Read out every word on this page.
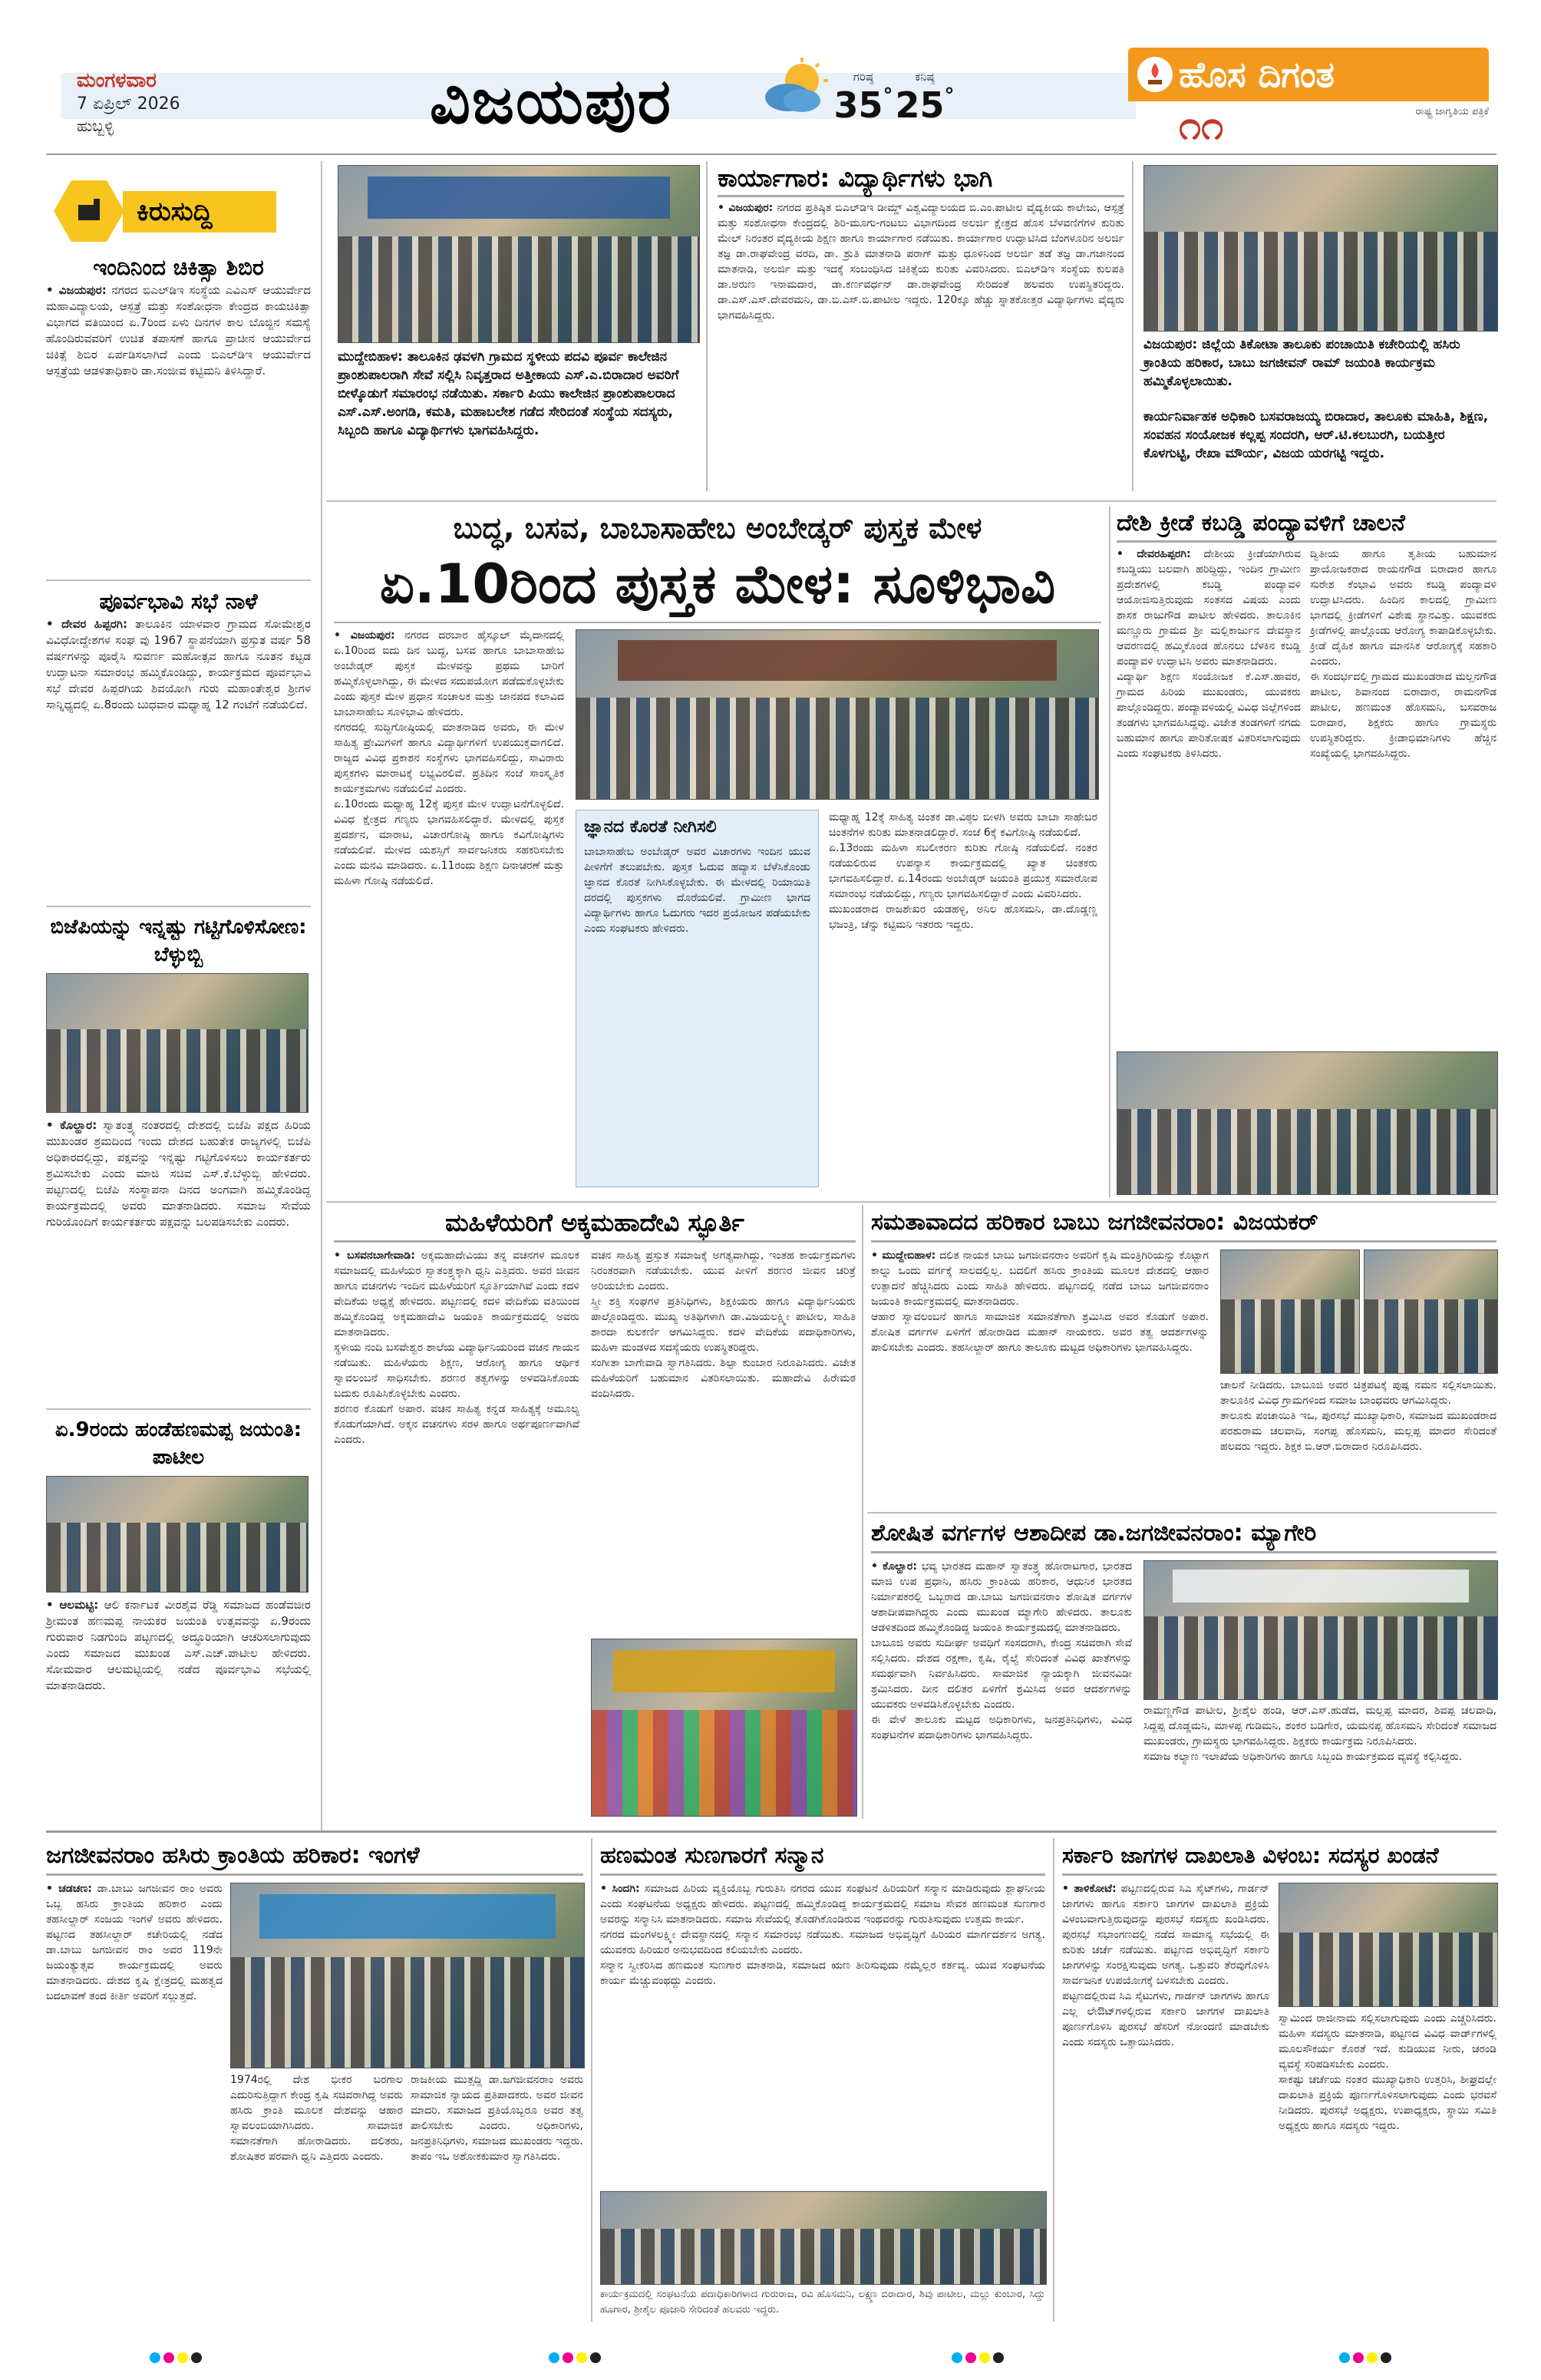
ಮಂಗಳವಾರ
7 ಏಪ್ರಿಲ್ 2026
ಹುಬ್ಬಳ್ಳಿ	ವಿಜಯಪುರ	ಗರಿಷ್ಠ
35°
ಕನಿಷ್ಠ
25°
ಹೊಸ ದಿಗಂತ
೧೧	ರಾಷ್ಟ್ರ ಜಾಗೃತಿಯ ಪತ್ರಿಕೆ
ಕಿರುಸುದ್ದಿ
ಇಂದಿನಿಂದ ಚಿಕಿತ್ಸಾ ಶಿಬಿರ
• ವಿಜಯಪುರ: ನಗರದ ಬಿಎಲ್‌ಡಿಇ ಸಂಸ್ಥೆಯ ಎವಿಎಸ್ ಆಯುರ್ವೇದ ಮಹಾವಿದ್ಯಾಲಯ, ಆಸ್ಪತ್ರೆ ಮತ್ತು ಸಂಶೋಧನಾ ಕೇಂದ್ರದ ಕಾಯಚಿಕಿತ್ಸಾ ವಿಭಾಗದ ವತಿಯಿಂದ ಏ.7ರಿಂದ ಏಳು ದಿನಗಳ ಕಾಲ ಬೊಜ್ಜಿನ ಸಮಸ್ಯೆ ಹೊಂದಿರುವವರಿಗೆ ಉಚಿತ ತಪಾಸಣೆ ಹಾಗೂ ಪ್ರಾಚೀನ ಆಯುರ್ವೇದ ಚಿಕಿತ್ಸೆ ಶಿಬಿರ ಏರ್ಪಡಿಸಲಾಗಿದೆ ಎಂದು ಬಿಎಲ್‌ಡಿಇ ಆಯುರ್ವೇದ ಆಸ್ಪತ್ರೆಯ ಆಡಳಿತಾಧಿಕಾರಿ ಡಾ.ಸಂಜೀವ ಕಟ್ಟಿಮನಿ ತಿಳಿಸಿದ್ದಾರೆ.
ಪೂರ್ವಭಾವಿ ಸಭೆ ನಾಳೆ
• ದೇವರ ಹಿಪ್ಪರಗಿ: ತಾಲೂಕಿನ ಯಾಳವಾರ ಗ್ರಾಮದ ಸೋಮೇಶ್ವರ ವಿವಿಧೋದ್ದೇಶಗಳ ಸಂಘ ವು 1967 ಸ್ಥಾಪನೆಯಾಗಿ ಪ್ರಸ್ತುತ ವರ್ಷ 58 ವರ್ಷಗಳನ್ನು ಪೂರೈಸಿ ಸುವರ್ಣ ಮಹೋತ್ಸವ ಹಾಗೂ ನೂತನ ಕಟ್ಟಡ ಉದ್ಘಾಟನಾ ಸಮಾರಂಭ ಹಮ್ಮಿಕೊಂಡಿದ್ದು, ಕಾರ್ಯಕ್ರಮದ ಪೂರ್ವಭಾವಿ ಸಭೆ ದೇವರ ಹಿಪ್ಪರಗಿಯ ಶಿವಯೋಗಿ ಗುರು ಮಹಾಂತೇಶ್ವರ ಶ್ರೀಗಳ ಸಾನ್ನಿಧ್ಯದಲ್ಲಿ ಏ.8ರಂದು ಬುಧವಾರ ಮಧ್ಯಾಹ್ನ 12 ಗಂಟೆಗೆ ನಡೆಯಲಿದೆ.
ಬಿಜೆಪಿಯನ್ನು ಇನ್ನಷ್ಟು ಗಟ್ಟಿಗೊಳಿಸೋಣ: ಬೆಳ್ಳುಬ್ಬಿ
• ಕೊಲ್ಹಾರ: ಸ್ವಾತಂತ್ರ್ಯ ನಂತರದಲ್ಲಿ ದೇಶದಲ್ಲಿ ಬಿಜೆಪಿ ಪಕ್ಷದ ಹಿರಿಯ ಮುಖಂಡರ ಶ್ರಮದಿಂದ ಇಂದು ದೇಶದ ಬಹುತೇಕ ರಾಜ್ಯಗಳಲ್ಲಿ ಬಿಜೆಪಿ ಅಧಿಕಾರದಲ್ಲಿದ್ದು, ಪಕ್ಷವನ್ನು ಇನ್ನಷ್ಟು ಗಟ್ಟಿಗೊಳಿಸಲು ಕಾರ್ಯಕರ್ತರು ಶ್ರಮಿಸಬೇಕು ಎಂದು ಮಾಜಿ ಸಚಿವ ಎಸ್.ಕೆ.ಬೆಳ್ಳುಬ್ಬಿ ಹೇಳಿದರು. ಪಟ್ಟಣದಲ್ಲಿ ಬಿಜೆಪಿ ಸಂಸ್ಥಾಪನಾ ದಿನದ ಅಂಗವಾಗಿ ಹಮ್ಮಿಕೊಂಡಿದ್ದ ಕಾರ್ಯಕ್ರಮದಲ್ಲಿ ಅವರು ಮಾತನಾಡಿದರು. ಸಮಾಜ ಸೇವೆಯ ಗುರಿಯೊಂದಿಗೆ ಕಾರ್ಯಕರ್ತರು ಪಕ್ಷವನ್ನು ಬಲಪಡಿಸಬೇಕು ಎಂದರು.
ಏ.9ರಂದು ಹಂಡೆಹಣಮಪ್ಪ ಜಯಂತಿ: ಪಾಟೀಲ
• ಆಲಮಟ್ಟಿ: ಆಲಿ ಕರ್ನಾಟಕ ವೀರಶೈವ ರೆಡ್ಡಿ ಸಮಾಜದ ಹಂಡೆವಜೀರ ಶ್ರೀಮಂತ ಹಣಮಪ್ಪ ನಾಯಕರ ಜಯಂತಿ ಉತ್ಸವವನ್ನು ಏ.9ರಂದು ಗುರುವಾರ ನಿಡಗುಂದಿ ಪಟ್ಟಣದಲ್ಲಿ ಅದ್ಧೂರಿಯಾಗಿ ಆಚರಿಸಲಾಗುವುದು ಎಂದು ಸಮಾಜದ ಮುಖಂಡ ಎಸ್.ಎಚ್.ಪಾಟೀಲ ಹೇಳಿದರು. ಸೋಮವಾರ ಆಲಮಟ್ಟಿಯಲ್ಲಿ ನಡೆದ ಪೂರ್ವಭಾವಿ ಸಭೆಯಲ್ಲಿ ಮಾತನಾಡಿದರು.
ಮುದ್ದೇಬಿಹಾಳ: ತಾಲೂಕಿನ ಢವಳಗಿ ಗ್ರಾಮದ ಸ್ಥಳೀಯ ಪದವಿ ಪೂರ್ವ ಕಾಲೇಜಿನ ಪ್ರಾಂಶುಪಾಲರಾಗಿ ಸೇವೆ ಸಲ್ಲಿಸಿ ನಿವೃತ್ತರಾದ ಅತ್ತೀಕಾಯ ಎಸ್.ಎ.ಬಿರಾದಾರ ಅವರಿಗೆ ಬೀಳ್ಕೊಡುಗೆ ಸಮಾರಂಭ ನಡೆಯಿತು. ಸರ್ಕಾರಿ ಪಿಯು ಕಾಲೇಜಿನ ಪ್ರಾಂಶುಪಾಲರಾದ ಎಸ್.ಎಸ್.ಅಂಗಡಿ, ಕಮತಿ, ಮಹಾಬಲೇಶ ಗಡೆದ ಸೇರಿದಂತೆ ಸಂಸ್ಥೆಯ ಸದಸ್ಯರು, ಸಿಬ್ಬಂದಿ ಹಾಗೂ ವಿದ್ಯಾರ್ಥಿಗಳು ಭಾಗವಹಿಸಿದ್ದರು.
ಕಾರ್ಯಾಗಾರ: ವಿದ್ಯಾರ್ಥಿಗಳು ಭಾಗಿ
• ವಿಜಯಪುರ: ನಗರದ ಪ್ರತಿಷ್ಠಿತ ಬಿಎಲ್‌ಡಿಇ ಡೀಮ್ಡ್ ವಿಶ್ವವಿದ್ಯಾಲಯದ ಬಿ.ಎಂ.ಪಾಟೀಲ ವೈದ್ಯಕೀಯ ಕಾಲೇಜು, ಆಸ್ಪತ್ರೆ ಮತ್ತು ಸಂಶೋಧನಾ ಕೇಂದ್ರದಲ್ಲಿ ಶಿರಿ-ಮೂಗು-ಗಂಟಲು ವಿಭಾಗದಿಂದ ಅಲರ್ಜಿ ಕ್ಷೇತ್ರದ ಹೊಸ ಬೆಳವಣಿಗೆಗಳ ಕುರಿತು ಮೇಲ್ ನಿರಂತರ ವೈದ್ಯಕೀಯ ಶಿಕ್ಷಣ ಹಾಗೂ ಕಾರ್ಯಾಗಾರ ನಡೆಯಿತು. ಕಾರ್ಯಾಗಾರ ಉದ್ಘಾಟಿಸಿದ ಬೆಂಗಳೂರಿನ ಅಲರ್ಜಿ ತಜ್ಞ ಡಾ.ರಾಘವೇಂದ್ರ ವರದಿ, ಡಾ. ಶ್ರುತಿ ಮಾತನಾಡಿ ಪರಾಗ್ ಮತ್ತು ಧೂಳಿನಿಂದ ಅಲರ್ಜಿ ತಡೆ ತಜ್ಞ ಡಾ.ಗಜಾನಂದ ಮಾತನಾಡಿ, ಅಲರ್ಜಿ ಮತ್ತು ಇದಕ್ಕೆ ಸಂಬಂಧಿಸಿದ ಚಿಕಿತ್ಸೆಯ ಕುರಿತು ವಿವರಿಸಿದರು. ಬಿಎಲ್‌ಡಿಇ ಸಂಸ್ಥೆಯ ಕುಲಪತಿ ಡಾ.ಅರುಣ ಇನಾಮದಾರ, ಡಾ.ಕರ್ಣವರ್ಧನ್ ಡಾ.ರಾಘವೇಂದ್ರ ಸೇರಿದಂತೆ ಹಲವರು ಉಪಸ್ಥಿತರಿದ್ದರು. ಡಾ.ಎಸ್.ಎಸ್.ದೇವರಮನಿ, ಡಾ.ಬಿ.ಎಸ್.ಬಿ.ಪಾಟೀಲ ಇದ್ದರು. 120ಕ್ಕೂ ಹೆಚ್ಚು ಸ್ನಾತಕೋತ್ತರ ವಿದ್ಯಾರ್ಥಿಗಳು ವೈದ್ಯರು ಭಾಗವಹಿಸಿದ್ದರು.
ವಿಜಯಪುರ: ಜಿಲ್ಲೆಯ ತಿಕೋಟಾ ತಾಲೂಕು ಪಂಚಾಯಿತಿ ಕಚೇರಿಯಲ್ಲಿ ಹಸಿರು ಕ್ರಾಂತಿಯ ಹರಿಕಾರ, ಬಾಬು ಜಗಜೀವನ್ ರಾಮ್ ಜಯಂತಿ ಕಾರ್ಯಕ್ರಮ ಹಮ್ಮಿಕೊಳ್ಳಲಾಯಿತು.
ಕಾರ್ಯನಿರ್ವಾಹಕ ಅಧಿಕಾರಿ ಬಸವರಾಜಯ್ಯ ಬಿರಾದಾರ, ತಾಲೂಕು ಮಾಹಿತಿ, ಶಿಕ್ಷಣ, ಸಂವಹನ ಸಂಯೋಜಕ ಕಲ್ಲಪ್ಪ ಸಂದರಗಿ, ಆರ್.ಟಿ.ಕಲಬುರಗಿ, ಬಯತ್ತೀರ ಕೊಳಗುಟ್ಟಿ, ರೇಖಾ ಮೌರ್ಯ, ವಿಜಯ ಯರಗಟ್ಟಿ ಇದ್ದರು.
ಬುದ್ಧ, ಬಸವ, ಬಾಬಾಸಾಹೇಬ ಅಂಬೇಡ್ಕರ್ ಪುಸ್ತಕ ಮೇಳ
ಏ.10ರಿಂದ ಪುಸ್ತಕ ಮೇಳ: ಸೂಳಿಭಾವಿ
• ವಿಜಯಪುರ: ನಗರದ ದರಬಾರ ಹೈಸ್ಕೂಲ್ ಮೈದಾನದಲ್ಲಿ ಏ.10ರಿಂದ ಐದು ದಿನ ಬುದ್ಧ, ಬಸವ ಹಾಗೂ ಬಾಬಾಸಾಹೇಬ ಅಂಬೇಡ್ಕರ್ ಪುಸ್ತಕ ಮೇಳವನ್ನು ಪ್ರಥಮ ಬಾರಿಗೆ ಹಮ್ಮಿಕೊಳ್ಳಲಾಗಿದ್ದು, ಈ ಮೇಳದ ಸದುಪಯೋಗ ಪಡೆದುಕೊಳ್ಳಬೇಕು ಎಂದು ಪುಸ್ತಕ ಮೇಳ ಪ್ರಧಾನ ಸಂಚಾಲಕ ಮತ್ತು ಜಾನಪದ ಕಲಾವಿದ ಬಾಬಾಸಾಹೇಬ ಸೂಳಿಭಾವಿ ಹೇಳಿದರು.
ನಗರದಲ್ಲಿ ಸುದ್ದಿಗೋಷ್ಠಿಯಲ್ಲಿ ಮಾತನಾಡಿದ ಅವರು, ಈ ಮೇಳ ಸಾಹಿತ್ಯ ಪ್ರೇಮಿಗಳಿಗೆ ಹಾಗೂ ವಿದ್ಯಾರ್ಥಿಗಳಿಗೆ ಉಪಯುಕ್ತವಾಗಲಿದೆ. ರಾಜ್ಯದ ವಿವಿಧ ಪ್ರಕಾಶನ ಸಂಸ್ಥೆಗಳು ಭಾಗವಹಿಸಲಿದ್ದು, ಸಾವಿರಾರು ಪುಸ್ತಕಗಳು ಮಾರಾಟಕ್ಕೆ ಲಭ್ಯವಿರಲಿವೆ. ಪ್ರತಿದಿನ ಸಂಜೆ ಸಾಂಸ್ಕೃತಿಕ ಕಾರ್ಯಕ್ರಮಗಳು ನಡೆಯಲಿವೆ ಎಂದರು.
ಏ.10ರಂದು ಮಧ್ಯಾಹ್ನ 12ಕ್ಕೆ ಪುಸ್ತಕ ಮೇಳ ಉದ್ಘಾಟನೆಗೊಳ್ಳಲಿದೆ. ವಿವಿಧ ಕ್ಷೇತ್ರದ ಗಣ್ಯರು ಭಾಗವಹಿಸಲಿದ್ದಾರೆ. ಮೇಳದಲ್ಲಿ ಪುಸ್ತಕ ಪ್ರದರ್ಶನ, ಮಾರಾಟ, ವಿಚಾರಗೋಷ್ಠಿ ಹಾಗೂ ಕವಿಗೋಷ್ಠಿಗಳು ನಡೆಯಲಿವೆ. ಮೇಳದ ಯಶಸ್ಸಿಗೆ ಸಾರ್ವಜನಿಕರು ಸಹಕರಿಸಬೇಕು ಎಂದು ಮನವಿ ಮಾಡಿದರು. ಏ.11ರಂದು ಶಿಕ್ಷಣ ದಿನಾಚರಣೆ ಮತ್ತು ಮಹಿಳಾ ಗೋಷ್ಠಿ ನಡೆಯಲಿದೆ.
ಜ್ಞಾನದ ಕೊರತೆ ನೀಗಿಸಲಿ
ಬಾಬಾಸಾಹೇಬ ಅಂಬೇಡ್ಕರ್ ಅವರ ವಿಚಾರಗಳು ಇಂದಿನ ಯುವ ಪೀಳಿಗೆಗೆ ತಲುಪಬೇಕು. ಪುಸ್ತಕ ಓದುವ ಹವ್ಯಾಸ ಬೆಳೆಸಿಕೊಂಡು ಜ್ಞಾನದ ಕೊರತೆ ನೀಗಿಸಿಕೊಳ್ಳಬೇಕು. ಈ ಮೇಳದಲ್ಲಿ ರಿಯಾಯಿತಿ ದರದಲ್ಲಿ ಪುಸ್ತಕಗಳು ದೊರೆಯಲಿವೆ. ಗ್ರಾಮೀಣ ಭಾಗದ ವಿದ್ಯಾರ್ಥಿಗಳು ಹಾಗೂ ಓದುಗರು ಇದರ ಪ್ರಯೋಜನ ಪಡೆಯಬೇಕು ಎಂದು ಸಂಘಟಕರು ಹೇಳಿದರು.
ಮಧ್ಯಾಹ್ನ 12ಕ್ಕೆ ಸಾಹಿತ್ಯ ಚಿಂತಕ ಡಾ.ವಿಠ್ಠಲ ಬೀಳಗಿ ಅವರು ಬಾಬಾ ಸಾಹೇಬರ ಚಿಂತನೆಗಳ ಕುರಿತು ಮಾತನಾಡಲಿದ್ದಾರೆ. ಸಂಜೆ 6ಕ್ಕೆ ಕವಿಗೋಷ್ಠಿ ನಡೆಯಲಿದೆ.
ಏ.13ರಂದು ಮಹಿಳಾ ಸಬಲೀಕರಣ ಕುರಿತು ಗೋಷ್ಠಿ ನಡೆಯಲಿದೆ. ನಂತರ ನಡೆಯಲಿರುವ ಉಪನ್ಯಾಸ ಕಾರ್ಯಕ್ರಮದಲ್ಲಿ ಖ್ಯಾತ ಚಿಂತಕರು ಭಾಗವಹಿಸಲಿದ್ದಾರೆ. ಏ.14ರಂದು ಅಂಬೇಡ್ಕರ್ ಜಯಂತಿ ಪ್ರಯುಕ್ತ ಸಮಾರೋಪ ಸಮಾರಂಭ ನಡೆಯಲಿದ್ದು, ಗಣ್ಯರು ಭಾಗವಹಿಸಲಿದ್ದಾರೆ ಎಂದು ವಿವರಿಸಿದರು.
ಮುಖಂಡರಾದ ರಾಜಶೇಖರ ಯಡಹಳ್ಳಿ, ಅನಿಲ ಹೊಸಮನಿ, ಡಾ.ದೊಡ್ಡಣ್ಣ ಭಜಂತ್ರಿ, ಚೆನ್ನು ಕಟ್ಟಿಮನಿ ಇತರರು ಇದ್ದರು.
ದೇಶಿ ಕ್ರೀಡೆ ಕಬಡ್ಡಿ ಪಂದ್ಯಾವಳಿಗೆ ಚಾಲನೆ
• ದೇವರಹಿಪ್ಪರಗಿ: ದೇಶೀಯ ಕ್ರೀಡೆಯಾಗಿರುವ ಕಬಡ್ಡಿಯು ಬಲವಾಗಿ ಹರಿದ್ದಿದ್ದು, ಇಂದಿನ ಗ್ರಾಮೀಣ ಪ್ರದೇಶಗಳಲ್ಲಿ ಕಬಡ್ಡಿ ಪಂದ್ಯಾವಳಿ ಆಯೋಜಿಸುತ್ತಿರುವುದು ಸಂತಸದ ವಿಷಯ ಎಂದು ಶಾಸಕ ರಾಜುಗೌಡ ಪಾಟೀಲ ಹೇಳಿದರು. ತಾಲೂಕಿನ ಮಣ್ಣೂರು ಗ್ರಾಮದ ಶ್ರೀ ಮಲ್ಲಿಕಾರ್ಜುನ ದೇವಸ್ಥಾನ ಆವರಣದಲ್ಲಿ ಹಮ್ಮಿಕೊಂಡ ಹೊನಲು ಬೆಳಕಿನ ಕಬಡ್ಡಿ ಪಂದ್ಯಾವಳಿ ಉದ್ಘಾಟಿಸಿ ಅವರು ಮಾತನಾಡಿದರು.
ವಿದ್ಯಾರ್ಥಿ ಶಿಕ್ಷಣ ಸಂಯೋಜಕ ಕೆ.ಎಸ್.ಹಾವರ, ಗ್ರಾಮದ ಹಿರಿಯ ಮುಖಂಡರು, ಯುವಕರು ಪಾಲ್ಗೊಂಡಿದ್ದರು. ಪಂದ್ಯಾವಳಿಯಲ್ಲಿ ವಿವಿಧ ಜಿಲ್ಲೆಗಳಿಂದ ತಂಡಗಳು ಭಾಗವಹಿಸಿದ್ದವು. ವಿಜೇತ ತಂಡಗಳಿಗೆ ನಗದು ಬಹುಮಾನ ಹಾಗೂ ಪಾರಿತೋಷಕ ವಿತರಿಸಲಾಗುವುದು ಎಂದು ಸಂಘಟಕರು ತಿಳಿಸಿದರು.
ದ್ವಿತೀಯ ಹಾಗೂ ತೃತೀಯ ಬಹುಮಾನ ಪ್ರಾಯೋಜಕರಾದ ರಾಯನಗೌಡ ಬಿರಾದಾರ ಹಾಗೂ ಸುರೇಶ ಕೆಂಭಾವಿ ಅವರು ಕಬಡ್ಡಿ ಪಂದ್ಯಾವಳಿ ಉದ್ಘಾಟಿಸಿದರು. ಹಿಂದಿನ ಕಾಲದಲ್ಲಿ ಗ್ರಾಮೀಣ ಭಾಗದಲ್ಲಿ ಕ್ರೀಡೆಗಳಿಗೆ ವಿಶೇಷ ಸ್ಥಾನವಿತ್ತು. ಯುವಕರು ಕ್ರೀಡೆಗಳಲ್ಲಿ ಪಾಲ್ಗೊಂಡು ಆರೋಗ್ಯ ಕಾಪಾಡಿಕೊಳ್ಳಬೇಕು. ಕ್ರೀಡೆ ದೈಹಿಕ ಹಾಗೂ ಮಾನಸಿಕ ಆರೋಗ್ಯಕ್ಕೆ ಸಹಕಾರಿ ಎಂದರು.
ಈ ಸಂದರ್ಭದಲ್ಲಿ ಗ್ರಾಮದ ಮುಖಂಡರಾದ ಮಲ್ಲನಗೌಡ ಪಾಟೀಲ, ಶಿವಾನಂದ ಬಿರಾದಾರ, ರಾಮನಗೌಡ ಪಾಟೀಲ, ಹಣಮಂತ ಹೊಸಮನಿ, ಬಸವರಾಜ ಬಿರಾದಾರ, ಶಿಕ್ಷಕರು ಹಾಗೂ ಗ್ರಾಮಸ್ಥರು ಉಪಸ್ಥಿತರಿದ್ದರು. ಕ್ರೀಡಾಭಿಮಾನಿಗಳು ಹೆಚ್ಚಿನ ಸಂಖ್ಯೆಯಲ್ಲಿ ಭಾಗವಹಿಸಿದ್ದರು.
ಮಹಿಳೆಯರಿಗೆ ಅಕ್ಕಮಹಾದೇವಿ ಸ್ಫೂರ್ತಿ
• ಬಸವನಬಾಗೇವಾಡಿ: ಅಕ್ಕಮಹಾದೇವಿಯು ತನ್ನ ವಚನಗಳ ಮೂಲಕ ಸಮಾಜದಲ್ಲಿ ಮಹಿಳೆಯರ ಸ್ವಾತಂತ್ರ್ಯಕ್ಕಾಗಿ ಧ್ವನಿ ಎತ್ತಿದರು. ಅವರ ಜೀವನ ಹಾಗೂ ವಚನಗಳು ಇಂದಿನ ಮಹಿಳೆಯರಿಗೆ ಸ್ಫೂರ್ತಿಯಾಗಿವೆ ಎಂದು ಕದಳಿ ವೇದಿಕೆಯ ಅಧ್ಯಕ್ಷೆ ಹೇಳಿದರು. ಪಟ್ಟಣದಲ್ಲಿ ಕದಳಿ ವೇದಿಕೆಯ ವತಿಯಿಂದ ಹಮ್ಮಿಕೊಂಡಿದ್ದ ಅಕ್ಕಮಹಾದೇವಿ ಜಯಂತಿ ಕಾರ್ಯಕ್ರಮದಲ್ಲಿ ಅವರು ಮಾತನಾಡಿದರು.
ಸ್ಥಳೀಯ ನಂದಿ ಬಸವೇಶ್ವರ ಶಾಲೆಯ ವಿದ್ಯಾರ್ಥಿನಿಯರಿಂದ ವಚನ ಗಾಯನ ನಡೆಯಿತು. ಮಹಿಳೆಯರು ಶಿಕ್ಷಣ, ಆರೋಗ್ಯ ಹಾಗೂ ಆರ್ಥಿಕ ಸ್ವಾವಲಂಬನೆ ಸಾಧಿಸಬೇಕು. ಶರಣರ ತತ್ವಗಳನ್ನು ಅಳವಡಿಸಿಕೊಂಡು ಬದುಕು ರೂಪಿಸಿಕೊಳ್ಳಬೇಕು ಎಂದರು.
ಶರಣರ ಕೊಡುಗೆ ಅಪಾರ. ವಚನ ಸಾಹಿತ್ಯ ಕನ್ನಡ ಸಾಹಿತ್ಯಕ್ಕೆ ಅಮೂಲ್ಯ ಕೊಡುಗೆಯಾಗಿದೆ. ಅಕ್ಕನ ವಚನಗಳು ಸರಳ ಹಾಗೂ ಅರ್ಥಪೂರ್ಣವಾಗಿವೆ ಎಂದರು.
ವಚನ ಸಾಹಿತ್ಯ ಪ್ರಸ್ತುತ ಸಮಾಜಕ್ಕೆ ಅಗತ್ಯವಾಗಿದ್ದು, ಇಂತಹ ಕಾರ್ಯಕ್ರಮಗಳು ನಿರಂತರವಾಗಿ ನಡೆಯಬೇಕು. ಯುವ ಪೀಳಿಗೆ ಶರಣರ ಜೀವನ ಚರಿತ್ರೆ ಅರಿಯಬೇಕು ಎಂದರು.
ಸ್ತ್ರೀ ಶಕ್ತಿ ಸಂಘಗಳ ಪ್ರತಿನಿಧಿಗಳು, ಶಿಕ್ಷಕಿಯರು ಹಾಗೂ ವಿದ್ಯಾರ್ಥಿನಿಯರು ಪಾಲ್ಗೊಂಡಿದ್ದರು. ಮುಖ್ಯ ಅತಿಥಿಗಳಾಗಿ ಡಾ.ವಿಜಯಲಕ್ಷ್ಮೀ ಪಾಟೀಲ, ಸಾಹಿತಿ ಶಾರದಾ ಕುಲಕರ್ಣಿ ಆಗಮಿಸಿದ್ದರು. ಕದಳಿ ವೇದಿಕೆಯ ಪದಾಧಿಕಾರಿಗಳು, ಮಹಿಳಾ ಮಂಡಳದ ಸದಸ್ಯೆಯರು ಉಪಸ್ಥಿತರಿದ್ದರು.
ಸಂಗೀತಾ ಬಾಗೇವಾಡಿ ಸ್ವಾಗತಿಸಿದರು. ಶಿಲ್ಪಾ ಕುಂಬಾರ ನಿರೂಪಿಸಿದರು. ವಿಜೇತ ಮಹಿಳೆಯರಿಗೆ ಬಹುಮಾನ ವಿತರಿಸಲಾಯಿತು. ಮಹಾದೇವಿ ಹಿರೇಮಠ ವಂದಿಸಿದರು.
ಸಮತಾವಾದದ ಹರಿಕಾರ ಬಾಬು ಜಗಜೀವನರಾಂ: ವಿಜಯಕರ್
• ಮುದ್ದೇಬಿಹಾಳ: ದಲಿತ ನಾಯಕ ಬಾಬು ಜಗಜೀವನರಾಂ ಅವರಿಗೆ ಕೃಷಿ ಮಂತ್ರಿಗಿರಿಯನ್ನು ಕೊಟ್ಟಾಗ ಕಾಲ್ನು ಒಂದು ವರ್ಗಕ್ಕೆ ಸಾಲದಲ್ಲಿಲ್ಲ. ಬದಲಿಗೆ ಹಸಿರು ಕ್ರಾಂತಿಯ ಮೂಲಕ ದೇಶದಲ್ಲಿ ಆಹಾರ ಉತ್ಪಾದನೆ ಹೆಚ್ಚಿಸಿದರು ಎಂದು ಸಾಹಿತಿ ಹೇಳಿದರು. ಪಟ್ಟಣದಲ್ಲಿ ನಡೆದ ಬಾಬು ಜಗಜೀವನರಾಂ ಜಯಂತಿ ಕಾರ್ಯಕ್ರಮದಲ್ಲಿ ಮಾತನಾಡಿದರು.
ಆಹಾರ ಸ್ವಾವಲಂಬನೆ ಹಾಗೂ ಸಾಮಾಜಿಕ ಸಮಾನತೆಗಾಗಿ ಶ್ರಮಿಸಿದ ಅವರ ಕೊಡುಗೆ ಅಪಾರ. ಶೋಷಿತ ವರ್ಗಗಳ ಏಳಿಗೆಗೆ ಹೋರಾಡಿದ ಮಹಾನ್ ನಾಯಕರು. ಅವರ ತತ್ವ ಆದರ್ಶಗಳನ್ನು ಪಾಲಿಸಬೇಕು ಎಂದರು. ತಹಸೀಲ್ದಾರ್ ಹಾಗೂ ತಾಲೂಕು ಮಟ್ಟದ ಅಧಿಕಾರಿಗಳು ಭಾಗವಹಿಸಿದ್ದರು.
ಚಾಲನೆ ನೀಡಿದರು. ಬಾಬೂಜಿ ಅವರ ಚಿತ್ರಪಟಕ್ಕೆ ಪುಷ್ಪ ನಮನ ಸಲ್ಲಿಸಲಾಯಿತು. ತಾಲೂಕಿನ ವಿವಿಧ ಗ್ರಾಮಗಳಿಂದ ಸಮಾಜ ಬಾಂಧವರು ಆಗಮಿಸಿದ್ದರು.
ತಾಲೂಕು ಪಂಚಾಯಿತಿ ಇಒ, ಪುರಸಭೆ ಮುಖ್ಯಾಧಿಕಾರಿ, ಸಮಾಜದ ಮುಖಂಡರಾದ ಪರಶುರಾಮ ಚಲವಾದಿ, ಸಂಗಪ್ಪ ಹೊಸಮನಿ, ಮಲ್ಲಪ್ಪ ಮಾದರ ಸೇರಿದಂತೆ ಹಲವರು ಇದ್ದರು. ಶಿಕ್ಷಕ ಬಿ.ಆರ್.ಬಿರಾದಾರ ನಿರೂಪಿಸಿದರು.
ಶೋಷಿತ ವರ್ಗಗಳ ಆಶಾದೀಪ ಡಾ.ಜಗಜೀವನರಾಂ: ಮ್ಯಾಗೇರಿ
• ಕೊಲ್ಹಾರ: ಭವ್ಯ ಭಾರತದ ಮಹಾನ್ ಸ್ವಾತಂತ್ರ್ಯ ಹೋರಾಟಗಾರ, ಭಾರತದ ಮಾಜಿ ಉಪ ಪ್ರಧಾನಿ, ಹಸಿರು ಕ್ರಾಂತಿಯ ಹರಿಕಾರ, ಆಧುನಿಕ ಭಾರತದ ನಿರ್ಮಾಪಕರಲ್ಲಿ ಒಬ್ಬರಾದ ಡಾ.ಬಾಬು ಜಗಜೀವನರಾಂ ಶೋಷಿತ ವರ್ಗಗಳ ಆಶಾದೀಪವಾಗಿದ್ದರು ಎಂದು ಮುಖಂಡ ಮ್ಯಾಗೇರಿ ಹೇಳಿದರು. ತಾಲೂಕು ಆಡಳಿತದಿಂದ ಹಮ್ಮಿಕೊಂಡಿದ್ದ ಜಯಂತಿ ಕಾರ್ಯಕ್ರಮದಲ್ಲಿ ಮಾತನಾಡಿದರು.
ಬಾಬೂಜಿ ಅವರು ಸುದೀರ್ಘ ಅವಧಿಗೆ ಸಂಸದರಾಗಿ, ಕೇಂದ್ರ ಸಚಿವರಾಗಿ ಸೇವೆ ಸಲ್ಲಿಸಿದರು. ದೇಶದ ರಕ್ಷಣಾ, ಕೃಷಿ, ರೈಲ್ವೆ ಸೇರಿದಂತೆ ವಿವಿಧ ಖಾತೆಗಳನ್ನು ಸಮರ್ಥವಾಗಿ ನಿರ್ವಹಿಸಿದರು. ಸಾಮಾಜಿಕ ನ್ಯಾಯಕ್ಕಾಗಿ ಜೀವನವಿಡೀ ಶ್ರಮಿಸಿದರು. ದೀನ ದಲಿತರ ಏಳಿಗೆಗೆ ಶ್ರಮಿಸಿದ ಅವರ ಆದರ್ಶಗಳನ್ನು ಯುವಕರು ಅಳವಡಿಸಿಕೊಳ್ಳಬೇಕು ಎಂದರು.
ಈ ವೇಳೆ ತಾಲೂಕು ಮಟ್ಟದ ಅಧಿಕಾರಿಗಳು, ಜನಪ್ರತಿನಿಧಿಗಳು, ವಿವಿಧ ಸಂಘಟನೆಗಳ ಪದಾಧಿಕಾರಿಗಳು ಭಾಗವಹಿಸಿದ್ದರು.
ರಾಮಣ್ಣಗೌಡ ಪಾಟೀಲ, ಶ್ರೀಶೈಲ ಹಂಡಿ, ಆರ್.ಎಸ್.ಹುಡೆದ, ಮಲ್ಲಪ್ಪ ಮಾದರ, ಶಿವಪ್ಪ ಚಲವಾದಿ, ಸಿದ್ದಪ್ಪ ದೊಡ್ಡಮನಿ, ಮಾಳಪ್ಪ ಗುಡಿಮನಿ, ಶಂಕರ ಬಡಿಗೇರ, ಯಮನಪ್ಪ ಹೊಸಮನಿ ಸೇರಿದಂತೆ ಸಮಾಜದ ಮುಖಂಡರು, ಗ್ರಾಮಸ್ಥರು ಭಾಗವಹಿಸಿದ್ದರು. ಶಿಕ್ಷಕರು ಕಾರ್ಯಕ್ರಮ ನಿರೂಪಿಸಿದರು.
ಸಮಾಜ ಕಲ್ಯಾಣ ಇಲಾಖೆಯ ಅಧಿಕಾರಿಗಳು ಹಾಗೂ ಸಿಬ್ಬಂದಿ ಕಾರ್ಯಕ್ರಮದ ವ್ಯವಸ್ಥೆ ಕಲ್ಪಿಸಿದ್ದರು.
ಜಗಜೀವನರಾಂ ಹಸಿರು ಕ್ರಾಂತಿಯ ಹರಿಕಾರ: ಇಂಗಳೆ
• ಚಡಚಣ: ಡಾ.ಬಾಬು ಜಗಜೀವನ ರಾಂ ಅವರು ಒಬ್ಬ ಹಸಿರು ಕ್ರಾಂತಿಯ ಹರಿಕಾರ ಎಂದು ತಹಸೀಲ್ದಾರ್ ಸಂಜಯ ಇಂಗಳೆ ಅವರು ಹೇಳಿದರು. ಪಟ್ಟಣದ ತಹಸೀಲ್ದಾರ್ ಕಚೇರಿಯಲ್ಲಿ ನಡೆದ ಡಾ.ಬಾಬು ಜಗಜೀವನ ರಾಂ ಅವರ 119ನೇ ಜಯಂತ್ಯುತ್ಸವ ಕಾರ್ಯಕ್ರಮದಲ್ಲಿ ಅವರು ಮಾತನಾಡಿದರು. ದೇಶದ ಕೃಷಿ ಕ್ಷೇತ್ರದಲ್ಲಿ ಮಹತ್ವದ ಬದಲಾವಣೆ ತಂದ ಕೀರ್ತಿ ಅವರಿಗೆ ಸಲ್ಲುತ್ತದೆ.
1974ರಲ್ಲಿ ದೇಶ ಭೀಕರ ಬರಗಾಲ ಎದುರಿಸುತ್ತಿದ್ದಾಗ ಕೇಂದ್ರ ಕೃಷಿ ಸಚಿವರಾಗಿದ್ದ ಅವರು ಹಸಿರು ಕ್ರಾಂತಿ ಮೂಲಕ ದೇಶವನ್ನು ಆಹಾರ ಸ್ವಾವಲಂಬಿಯಾಗಿಸಿದರು. ಸಾಮಾಜಿಕ ಸಮಾನತೆಗಾಗಿ ಹೋರಾಡಿದರು. ದಲಿತರು, ಶೋಷಿತರ ಪರವಾಗಿ ಧ್ವನಿ ಎತ್ತಿದರು ಎಂದರು.
ರಾಜಕೀಯ ಮುತ್ಸದ್ದಿ ಡಾ.ಜಗಜೀವನರಾಂ ಅವರು ಸಾಮಾಜಿಕ ನ್ಯಾಯದ ಪ್ರತಿಪಾದಕರು. ಅವರ ಜೀವನ ಮಾದರಿ. ಸಮಾಜದ ಪ್ರತಿಯೊಬ್ಬರೂ ಅವರ ತತ್ವ ಪಾಲಿಸಬೇಕು ಎಂದರು. ಅಧಿಕಾರಿಗಳು, ಜನಪ್ರತಿನಿಧಿಗಳು, ಸಮಾಜದ ಮುಖಂಡರು ಇದ್ದರು. ತಾಪಂ ಇಒ ಅಶೋಕಕುಮಾರ ಸ್ವಾಗತಿಸಿದರು.
ಹಣಮಂತ ಸುಣಗಾರಗೆ ಸನ್ಮಾನ
• ಸಿಂದಗಿ: ಸಮಾಜದ ಹಿರಿಯ ವ್ಯಕ್ತಿಯೊಬ್ಬ ಗುರುತಿಸಿ ನಗರದ ಯುವ ಸಂಘಟನೆ ಹಿರಿಯರಿಗೆ ಸನ್ಮಾನ ಮಾಡಿರುವುದು ಶ್ಲಾಘನೀಯ ಎಂದು ಸಂಘಟನೆಯ ಅಧ್ಯಕ್ಷರು ಹೇಳಿದರು. ಪಟ್ಟಣದಲ್ಲಿ ಹಮ್ಮಿಕೊಂಡಿದ್ದ ಕಾರ್ಯಕ್ರಮದಲ್ಲಿ ಸಮಾಜ ಸೇವಕ ಹಣಮಂತ ಸುಣಗಾರ ಅವರನ್ನು ಸನ್ಮಾನಿಸಿ ಮಾತನಾಡಿದರು. ಸಮಾಜ ಸೇವೆಯಲ್ಲಿ ತೊಡಗಿಕೊಂಡಿರುವ ಇಂಥವರನ್ನು ಗುರುತಿಸುವುದು ಉತ್ತಮ ಕಾರ್ಯ.
ನಗರದ ಮಂಗಳಲಕ್ಷ್ಮೀ ದೇವಸ್ಥಾನದಲ್ಲಿ ಸನ್ಮಾನ ಸಮಾರಂಭ ನಡೆಯಿತು. ಸಮಾಜದ ಅಭಿವೃದ್ಧಿಗೆ ಹಿರಿಯರ ಮಾರ್ಗದರ್ಶನ ಅಗತ್ಯ. ಯುವಕರು ಹಿರಿಯರ ಅನುಭವದಿಂದ ಕಲಿಯಬೇಕು ಎಂದರು.
ಸನ್ಮಾನ ಸ್ವೀಕರಿಸಿದ ಹಣಮಂತ ಸುಣಗಾರ ಮಾತನಾಡಿ, ಸಮಾಜದ ಋಣ ತೀರಿಸುವುದು ನಮ್ಮೆಲ್ಲರ ಕರ್ತವ್ಯ. ಯುವ ಸಂಘಟನೆಯ ಕಾರ್ಯ ಮೆಚ್ಚುವಂಥದ್ದು ಎಂದರು.
ಕಾರ್ಯಕ್ರಮದಲ್ಲಿ ಸಂಘಟನೆಯ ಪದಾಧಿಕಾರಿಗಳಾದ ಗುರುರಾಜ, ರವಿ ಹೊಸಮನಿ, ಲಕ್ಷ್ಮಣ ಬಿರಾದಾರ, ಶಿವು ಪಾಟೀಲ, ಮಲ್ಲು ಕುಂಬಾರ, ಸಿದ್ದು ಹೂಗಾರ, ಶ್ರೀಶೈಲ ಪೂಜಾರಿ ಸೇರಿದಂತೆ ಹಲವರು ಇದ್ದರು.
ಸರ್ಕಾರಿ ಜಾಗಗಳ ದಾಖಲಾತಿ ವಿಳಂಬ: ಸದಸ್ಯರ ಖಂಡನೆ
• ತಾಳಿಕೋಟೆ: ಪಟ್ಟಣದಲ್ಲಿರುವ ಸಿಎ ಸೈಟ್‌ಗಳು, ಗಾರ್ಡನ್ ಜಾಗಗಳು ಹಾಗೂ ಸರ್ಕಾರಿ ಜಾಗಗಳ ದಾಖಲಾತಿ ಪ್ರಕ್ರಿಯೆ ವಿಳಂಬವಾಗುತ್ತಿರುವುದನ್ನು ಪುರಸಭೆ ಸದಸ್ಯರು ಖಂಡಿಸಿದರು. ಪುರಸಭೆ ಸಭಾಂಗಣದಲ್ಲಿ ನಡೆದ ಸಾಮಾನ್ಯ ಸಭೆಯಲ್ಲಿ ಈ ಕುರಿತು ಚರ್ಚೆ ನಡೆಯಿತು. ಪಟ್ಟಣದ ಅಭಿವೃದ್ಧಿಗೆ ಸರ್ಕಾರಿ ಜಾಗಗಳನ್ನು ಸಂರಕ್ಷಿಸುವುದು ಅಗತ್ಯ. ಒತ್ತುವರಿ ತೆರವುಗೊಳಿಸಿ ಸಾರ್ವಜನಿಕ ಉಪಯೋಗಕ್ಕೆ ಬಳಸಬೇಕು ಎಂದರು.
ಪಟ್ಟಣದಲ್ಲಿರುವ ಸಿಎ ಸೈಟುಗಳು, ಗಾರ್ಡನ್ ಜಾಗಗಳು ಹಾಗೂ ಎಲ್ಲ ಲೇಔಟ್‌ಗಳಲ್ಲಿರುವ ಸರ್ಕಾರಿ ಜಾಗಗಳ ದಾಖಲಾತಿ ಪೂರ್ಣಗೊಳಿಸಿ ಪುರಸಭೆ ಹೆಸರಿಗೆ ನೋಂದಣಿ ಮಾಡಬೇಕು ಎಂದು ಸದಸ್ಯರು ಒತ್ತಾಯಿಸಿದರು.
ಸ್ವಾಮಿಂದ ರಾಜೀನಾಮ ಸಲ್ಲಿಸಲಾಗುವುದು ಎಂದು ಎಚ್ಚರಿಸಿದರು. ಮಹಿಳಾ ಸದಸ್ಯರು ಮಾತನಾಡಿ, ಪಟ್ಟಣದ ವಿವಿಧ ವಾರ್ಡ್‌ಗಳಲ್ಲಿ ಮೂಲಸೌಕರ್ಯ ಕೊರತೆ ಇದೆ. ಕುಡಿಯುವ ನೀರು, ಚರಂಡಿ ವ್ಯವಸ್ಥೆ ಸರಿಪಡಿಸಬೇಕು ಎಂದರು.
ಸಾಕಷ್ಟು ಚರ್ಚೆಯ ನಂತರ ಮುಖ್ಯಾಧಿಕಾರಿ ಉತ್ತರಿಸಿ, ಶೀಘ್ರದಲ್ಲೇ ದಾಖಲಾತಿ ಪ್ರಕ್ರಿಯೆ ಪೂರ್ಣಗೊಳಿಸಲಾಗುವುದು ಎಂದು ಭರವಸೆ ನೀಡಿದರು. ಪುರಸಭೆ ಅಧ್ಯಕ್ಷರು, ಉಪಾಧ್ಯಕ್ಷರು, ಸ್ಥಾಯಿ ಸಮಿತಿ ಅಧ್ಯಕ್ಷರು ಹಾಗೂ ಸದಸ್ಯರು ಇದ್ದರು.
